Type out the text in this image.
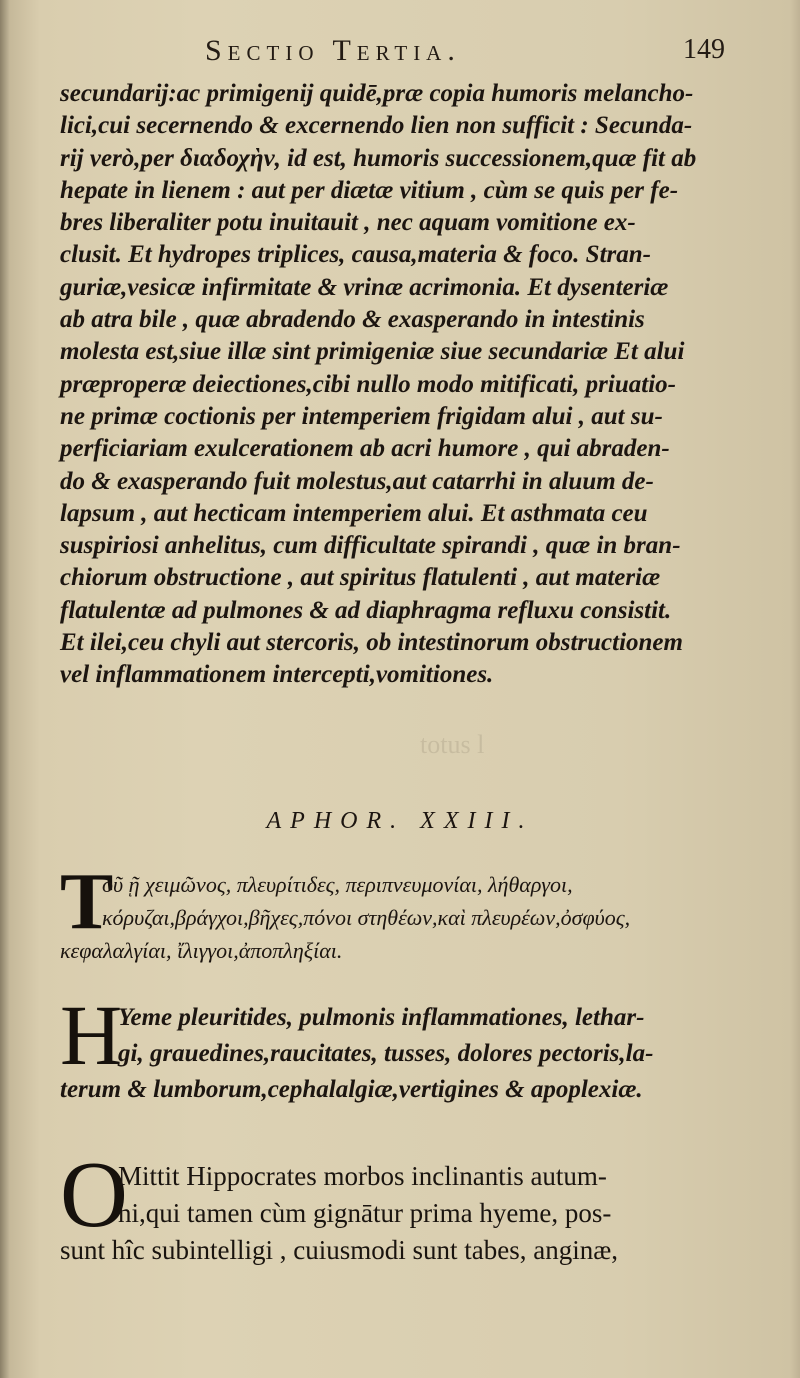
totus l
Sectio Tertia.	149
secundarij:ac primigenij quidē,præ copia humoris melancho-
lici,cui secernendo & excernendo lien non sufficit : Secunda-
rij verò,per διαδοχὴν, id est, humoris successionem,quæ fit ab
hepate in lienem : aut per diætæ vitium , cùm se quis per fe-
bres liberaliter potu inuitauit , nec aquam vomitione ex-
clusit. Et hydropes triplices, causa,materia & foco. Stran-
guriæ,vesicæ infirmitate & vrinæ acrimonia. Et dysenteriæ
ab atra bile , quæ abradendo & exasperando in intestinis
molesta est,siue illæ sint primigeniæ siue secundariæ Et alui
præproperæ deiectiones,cibi nullo modo mitificati, priuatio-
ne primæ coctionis per intemperiem frigidam alui , aut su-
perficiariam exulcerationem ab acri humore , qui abraden-
do & exasperando fuit molestus,aut catarrhi in aluum de-
lapsum , aut hecticam intemperiem alui. Et asthmata ceu
suspiriosi anhelitus, cum difficultate spirandi , quæ in bran-
chiorum obstructione , aut spiritus flatulenti , aut materiæ
flatulentæ ad pulmones & ad diaphragma refluxu consistit.
Et ilei,ceu chyli aut stercoris, ob intestinorum obstructionem
vel inflammationem intercepti,vomitiones.
APHOR. XXIII.
T
οῦ ῇ χειμῶνος, πλευρίτιδες, περιπνευμονίαι, λήθαργοι,
κόρυζαι,βράγχοι,βῆχες,πόνοι στηθέων,καὶ πλευρέων,ὀσφύος,
κεφαλαλγίαι, ἴλιγγοι,ἀποπληξίαι.
H
Yeme pleuritides, pulmonis inflammationes, lethar-
gi, grauedines,raucitates, tusses, dolores pectoris,la-
terum & lumborum,cephalalgiæ,vertigines & apoplexiæ.
O
Mittit Hippocrates morbos inclinantis autum-
ni,qui tamen cùm gignātur prima hyeme, pos-
sunt hîc subintelligi , cuiusmodi sunt tabes, anginæ,
